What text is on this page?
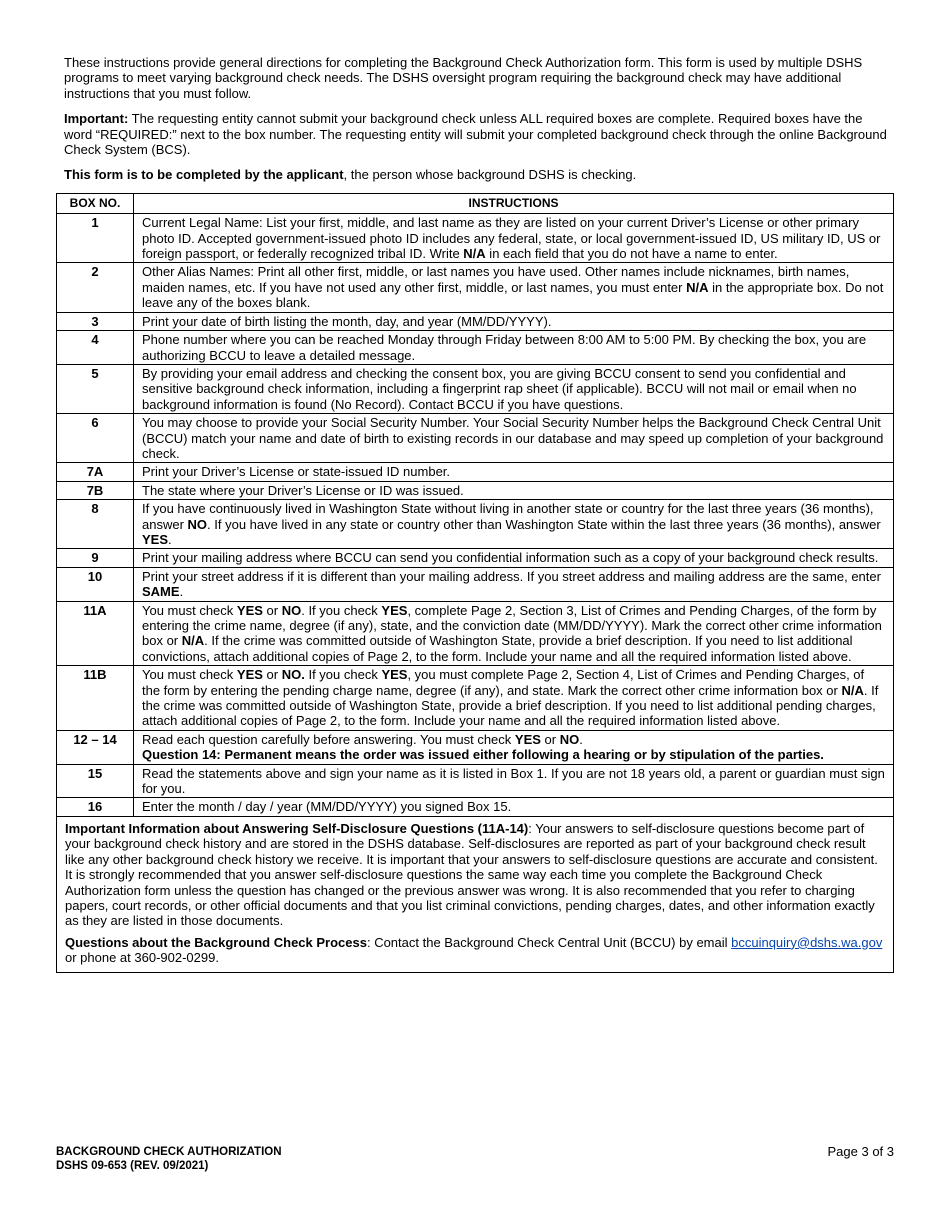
These instructions provide general directions for completing the Background Check Authorization form. This form is used by multiple DSHS programs to meet varying background check needs. The DSHS oversight program requiring the background check may have additional instructions that you must follow.

Important: The requesting entity cannot submit your background check unless ALL required boxes are complete. Required boxes have the word “REQUIRED:” next to the box number. The requesting entity will submit your completed background check through the online Background Check System (BCS).

This form is to be completed by the applicant, the person whose background DSHS is checking.

BOX NO.	INSTRUCTIONS
1	Current Legal Name: List your first, middle, and last name as they are listed on your current Driver’s License or other primary photo ID. Accepted government-issued photo ID includes any federal, state, or local government-issued ID, US military ID, US or foreign passport, or federally recognized tribal ID. Write N/A in each field that you do not have a name to enter.
2	Other Alias Names: Print all other first, middle, or last names you have used. Other names include nicknames, birth names, maiden names, etc. If you have not used any other first, middle, or last names, you must enter N/A in the appropriate box. Do not leave any of the boxes blank.
3	Print your date of birth listing the month, day, and year (MM/DD/YYYY).
4	Phone number where you can be reached Monday through Friday between 8:00 AM to 5:00 PM. By checking the box, you are authorizing BCCU to leave a detailed message.
5	By providing your email address and checking the consent box, you are giving BCCU consent to send you confidential and sensitive background check information, including a fingerprint rap sheet (if applicable). BCCU will not mail or email when no background information is found (No Record). Contact BCCU if you have questions.
6	You may choose to provide your Social Security Number. Your Social Security Number helps the Background Check Central Unit (BCCU) match your name and date of birth to existing records in our database and may speed up completion of your background check.
7A	Print your Driver’s License or state-issued ID number.
7B	The state where your Driver’s License or ID was issued.
8	If you have continuously lived in Washington State without living in another state or country for the last three years (36 months), answer NO. If you have lived in any state or country other than Washington State within the last three years (36 months), answer YES.
9	Print your mailing address where BCCU can send you confidential information such as a copy of your background check results.
10	Print your street address if it is different than your mailing address. If you street address and mailing address are the same, enter SAME.
11A	You must check YES or NO. If you check YES, complete Page 2, Section 3, List of Crimes and Pending Charges, of the form by entering the crime name, degree (if any), state, and the conviction date (MM/DD/YYYY). Mark the correct other crime information box or N/A. If the crime was committed outside of Washington State, provide a brief description. If you need to list additional convictions, attach additional copies of Page 2, to the form. Include your name and all the required information listed above.
11B	You must check YES or NO. If you check YES, you must complete Page 2, Section 4, List of Crimes and Pending Charges, of the form by entering the pending charge name, degree (if any), and state. Mark the correct other crime information box or N/A. If the crime was committed outside of Washington State, provide a brief description. If you need to list additional pending charges, attach additional copies of Page 2, to the form. Include your name and all the required information listed above.
12 – 14	Read each question carefully before answering. You must check YES or NO.
Question 14: Permanent means the order was issued either following a hearing or by stipulation of the parties.
15	Read the statements above and sign your name as it is listed in Box 1. If you are not 18 years old, a parent or guardian must sign for you.
16	Enter the month / day / year (MM/DD/YYYY) you signed Box 15.

Important Information about Answering Self-Disclosure Questions (11A-14): Your answers to self-disclosure questions become part of your background check history and are stored in the DSHS database. Self-disclosures are reported as part of your background check result like any other background check history we receive. It is important that your answers to self-disclosure questions are accurate and consistent. It is strongly recommended that you answer self-disclosure questions the same way each time you complete the Background Check Authorization form unless the question has changed or the previous answer was wrong. It is also recommended that you refer to charging papers, court records, or other official documents and that you list criminal convictions, pending charges, dates, and other information exactly as they are listed in those documents.

Questions about the Background Check Process: Contact the Background Check Central Unit (BCCU) by email bccuinquiry@dshs.wa.gov or phone at 360-902-0299.

BACKGROUND CHECK AUTHORIZATION
DSHS 09-653 (REV. 09/2021)
Page 3 of 3
